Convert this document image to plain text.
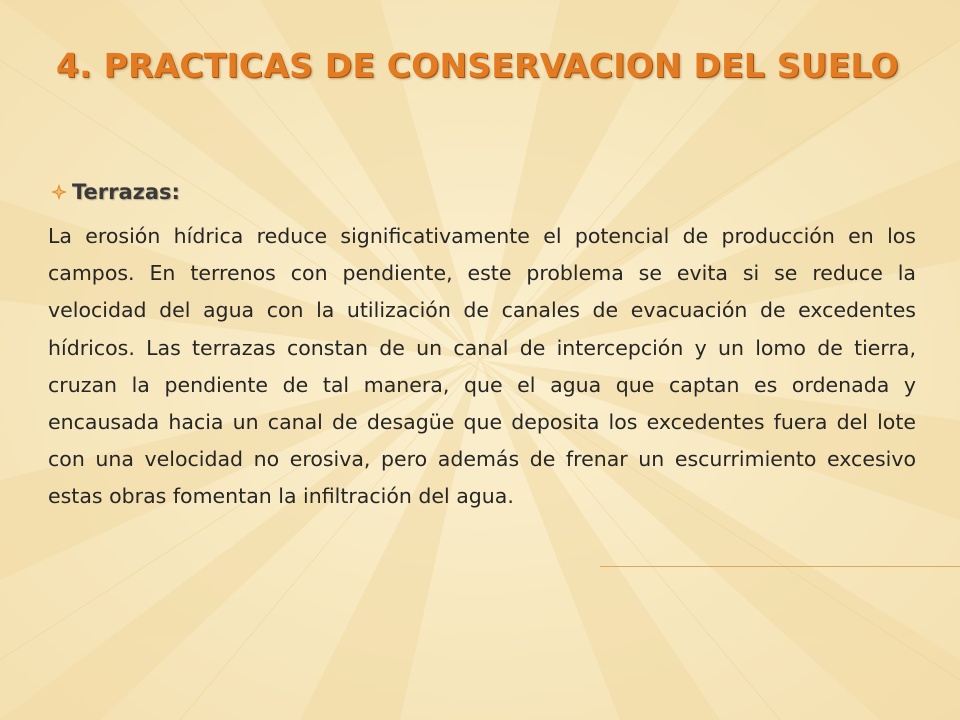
4. PRACTICAS DE CONSERVACION DEL SUELO
Terrazas:

La erosión hídrica reduce significativamente el potencial de producción en los campos. En terrenos con pendiente, este problema se evita si se reduce la velocidad del agua con la utilización de canales de evacuación de excedentes hídricos. Las terrazas constan de un canal de intercepción y un lomo de tierra, cruzan la pendiente de tal manera, que el agua que captan es ordenada y encausada hacia un canal de desagüe que deposita los excedentes fuera del lote con una velocidad no erosiva, pero además de frenar un escurrimiento excesivo estas obras fomentan la infiltración del agua.
